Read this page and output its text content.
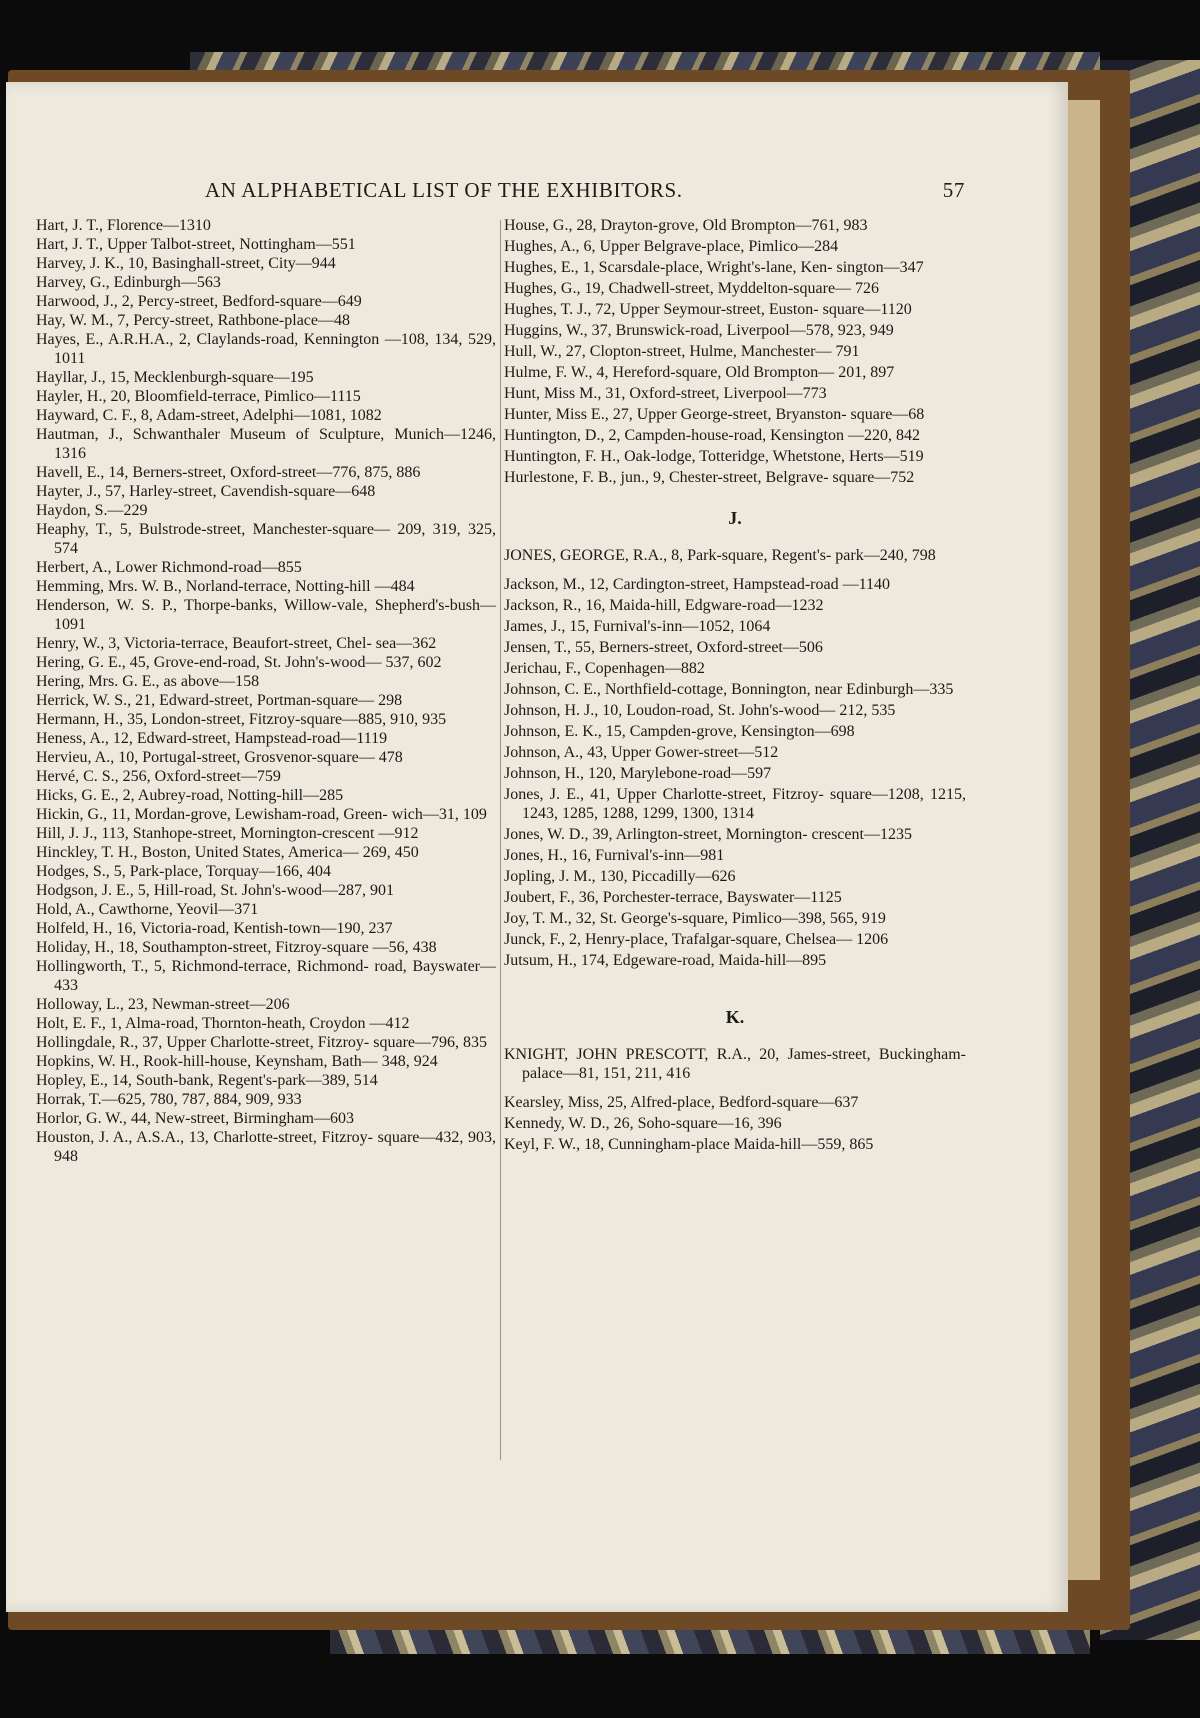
AN ALPHABETICAL LIST OF THE EXHIBITORS.	57

Hart, J. T., Florence—1310

Hart, J. T., Upper Talbot-street, Nottingham—551

Harvey, J. K., 10, Basinghall-street, City—944

Harvey, G., Edinburgh—563

Harwood, J., 2, Percy-street, Bedford-square—649

Hay, W. M., 7, Percy-street, Rathbone-place—48

Hayes, E., A.R.H.A., 2, Claylands-road, Kennington —108, 134, 529, 1011

Hayllar, J., 15, Mecklenburgh-square—195

Hayler, H., 20, Bloomfield-terrace, Pimlico—1115

Hayward, C. F., 8, Adam-street, Adelphi—1081, 1082

Hautman, J., Schwanthaler Museum of Sculpture, Munich—1246, 1316

Havell, E., 14, Berners-street, Oxford-street—776, 875, 886

Hayter, J., 57, Harley-street, Cavendish-square—648

Haydon, S.—229

Heaphy, T., 5, Bulstrode-street, Manchester-square— 209, 319, 325, 574

Herbert, A., Lower Richmond-road—855

Hemming, Mrs. W. B., Norland-terrace, Notting-hill —484

Henderson, W. S. P., Thorpe-banks, Willow-vale, Shepherd's-bush—1091

Henry, W., 3, Victoria-terrace, Beaufort-street, Chel- sea—362

Hering, G. E., 45, Grove-end-road, St. John's-wood— 537, 602

Hering, Mrs. G. E., as above—158

Herrick, W. S., 21, Edward-street, Portman-square— 298

Hermann, H., 35, London-street, Fitzroy-square—885, 910, 935

Heness, A., 12, Edward-street, Hampstead-road—1119

Hervieu, A., 10, Portugal-street, Grosvenor-square— 478

Hervé, C. S., 256, Oxford-street—759

Hicks, G. E., 2, Aubrey-road, Notting-hill—285

Hickin, G., 11, Mordan-grove, Lewisham-road, Green- wich—31, 109

Hill, J. J., 113, Stanhope-street, Mornington-crescent —912

Hinckley, T. H., Boston, United States, America— 269, 450

Hodges, S., 5, Park-place, Torquay—166, 404

Hodgson, J. E., 5, Hill-road, St. John's-wood—287, 901

Hold, A., Cawthorne, Yeovil—371

Holfeld, H., 16, Victoria-road, Kentish-town—190, 237

Holiday, H., 18, Southampton-street, Fitzroy-square —56, 438

Hollingworth, T., 5, Richmond-terrace, Richmond- road, Bayswater—433

Holloway, L., 23, Newman-street—206

Holt, E. F., 1, Alma-road, Thornton-heath, Croydon —412

Hollingdale, R., 37, Upper Charlotte-street, Fitzroy- square—796, 835

Hopkins, W. H., Rook-hill-house, Keynsham, Bath— 348, 924

Hopley, E., 14, South-bank, Regent's-park—389, 514

Horrak, T.—625, 780, 787, 884, 909, 933

Horlor, G. W., 44, New-street, Birmingham—603

Houston, J. A., A.S.A., 13, Charlotte-street, Fitzroy- square—432, 903, 948

House, G., 28, Drayton-grove, Old Brompton—761, 983

Hughes, A., 6, Upper Belgrave-place, Pimlico—284

Hughes, E., 1, Scarsdale-place, Wright's-lane, Ken- sington—347

Hughes, G., 19, Chadwell-street, Myddelton-square— 726

Hughes, T. J., 72, Upper Seymour-street, Euston- square—1120

Huggins, W., 37, Brunswick-road, Liverpool—578, 923, 949

Hull, W., 27, Clopton-street, Hulme, Manchester— 791

Hulme, F. W., 4, Hereford-square, Old Brompton— 201, 897

Hunt, Miss M., 31, Oxford-street, Liverpool—773

Hunter, Miss E., 27, Upper George-street, Bryanston- square—68

Huntington, D., 2, Campden-house-road, Kensington —220, 842

Huntington, F. H., Oak-lodge, Totteridge, Whetstone, Herts—519

Hurlestone, F. B., jun., 9, Chester-street, Belgrave- square—752

J.

JONES, GEORGE, R.A., 8, Park-square, Regent's- park—240, 798

Jackson, M., 12, Cardington-street, Hampstead-road —1140

Jackson, R., 16, Maida-hill, Edgware-road—1232

James, J., 15, Furnival's-inn—1052, 1064

Jensen, T., 55, Berners-street, Oxford-street—506

Jerichau, F., Copenhagen—882

Johnson, C. E., Northfield-cottage, Bonnington, near Edinburgh—335

Johnson, H. J., 10, Loudon-road, St. John's-wood— 212, 535

Johnson, E. K., 15, Campden-grove, Kensington—698

Johnson, A., 43, Upper Gower-street—512

Johnson, H., 120, Marylebone-road—597

Jones, J. E., 41, Upper Charlotte-street, Fitzroy- square—1208, 1215, 1243, 1285, 1288, 1299, 1300, 1314

Jones, W. D., 39, Arlington-street, Mornington- crescent—1235

Jones, H., 16, Furnival's-inn—981

Jopling, J. M., 130, Piccadilly—626

Joubert, F., 36, Porchester-terrace, Bayswater—1125

Joy, T. M., 32, St. George's-square, Pimlico—398, 565, 919

Junck, F., 2, Henry-place, Trafalgar-square, Chelsea— 1206

Jutsum, H., 174, Edgeware-road, Maida-hill—895

K.

KNIGHT, JOHN PRESCOTT, R.A., 20, James-street, Buckingham-palace—81, 151, 211, 416

Kearsley, Miss, 25, Alfred-place, Bedford-square—637

Kennedy, W. D., 26, Soho-square—16, 396

Keyl, F. W., 18, Cunningham-place Maida-hill—559, 865
